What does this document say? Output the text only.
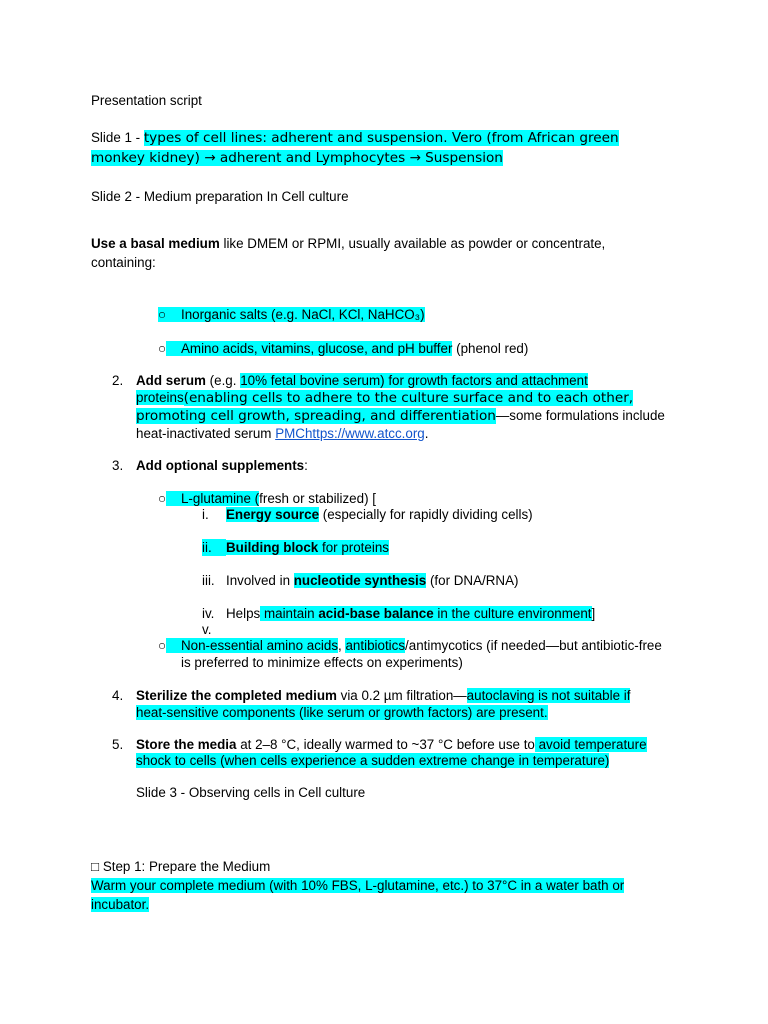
Presentation script
Slide 1 - types of cell lines: adherent and suspension. Vero (from African green
monkey kidney) → adherent and Lymphocytes → Suspension
Slide 2 - Medium preparation In Cell culture
Use a basal medium like DMEM or RPMI, usually available as powder or concentrate,
containing:
○ Inorganic salts (e.g. NaCl, KCl, NaHCO₃)
○ Amino acids, vitamins, glucose, and pH buffer (phenol red)
2. Add serum (e.g. 10% fetal bovine serum) for growth factors and attachment
proteins(enabling cells to adhere to the culture surface and to each other,
promoting cell growth, spreading, and differentiation—some formulations include
heat-inactivated serum PMChttps://www.atcc.org.
3. Add optional supplements:
○ L-glutamine (fresh or stabilized) [
i. Energy source (especially for rapidly dividing cells)
ii.	Building block for proteins
iii. Involved in nucleotide synthesis (for DNA/RNA)
iv. Helps maintain acid-base balance in the culture environment]
v.
○ Non-essential amino acids, antibiotics/antimycotics (if needed—but antibiotic-free
is preferred to minimize effects on experiments)
4. Sterilize the completed medium via 0.2 µm filtration—autoclaving is not suitable if
heat-sensitive components (like serum or growth factors) are present.
5. Store the media at 2–8 °C, ideally warmed to ~37 °C before use to avoid temperature
shock to cells (when cells experience a sudden extreme change in temperature)
Slide 3 - Observing cells in Cell culture
□ Step 1: Prepare the Medium
Warm your complete medium (with 10% FBS, L-glutamine, etc.) to 37°C in a water bath or
incubator.
